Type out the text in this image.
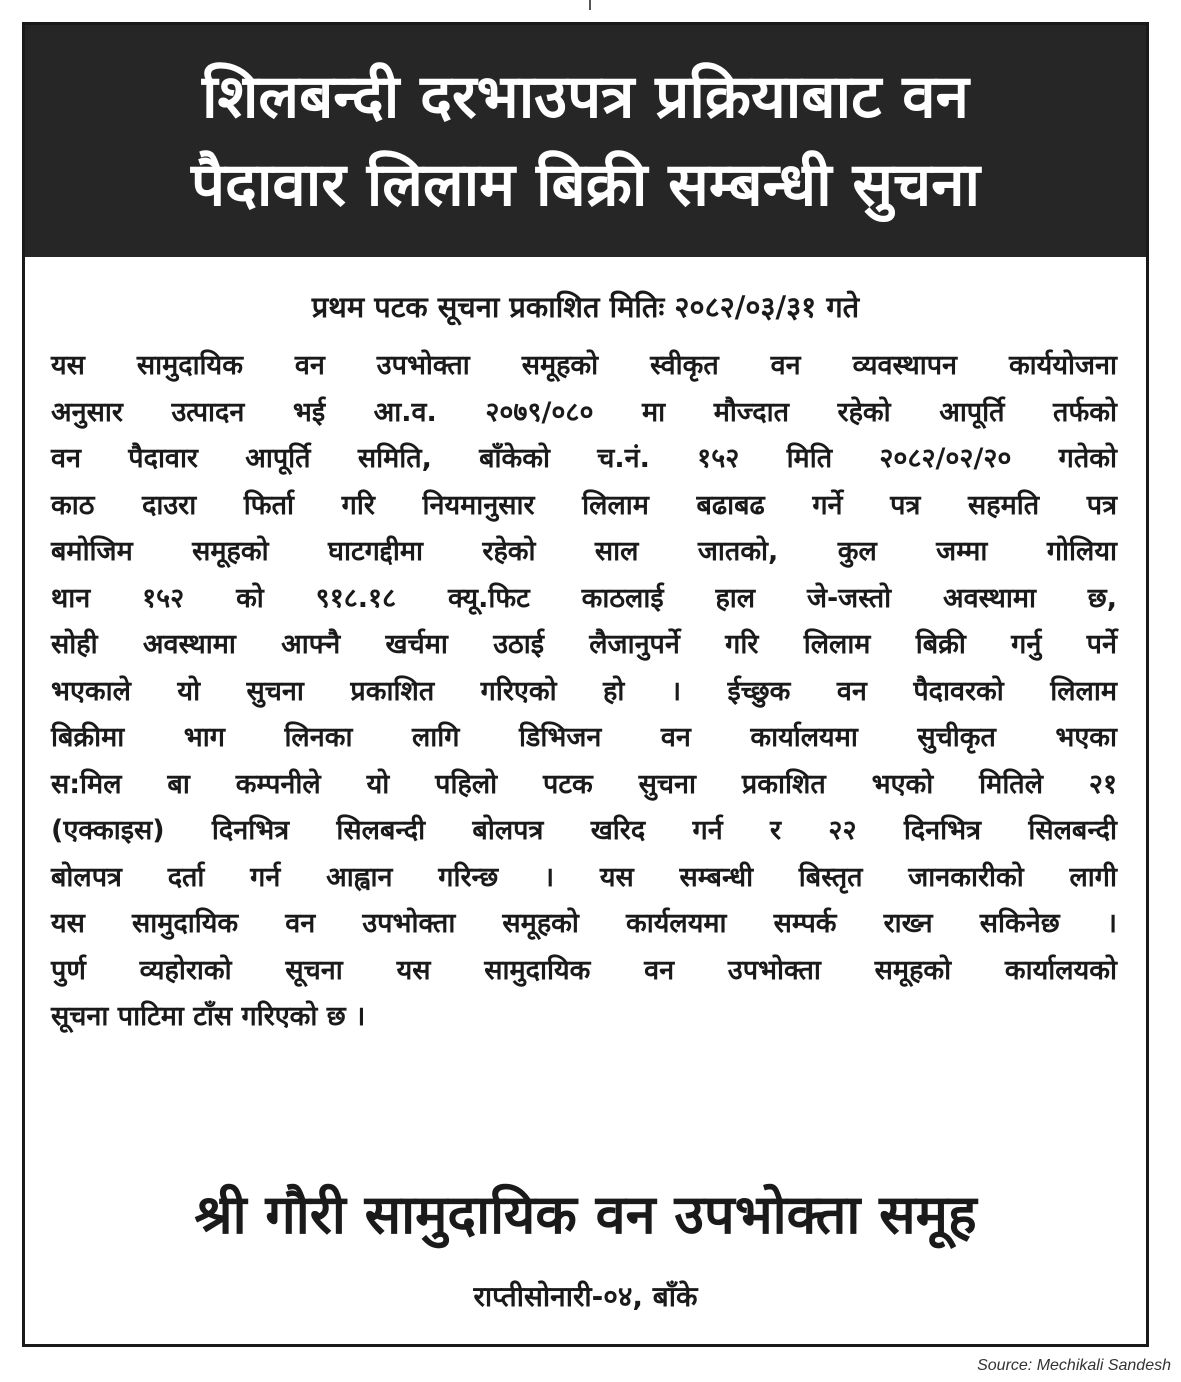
शिलबन्दी दरभाउपत्र प्रक्रियाबाट वन
पैदावार लिलाम बिक्री सम्बन्धी सुचना
प्रथम पटक सूचना प्रकाशित मितिः २०८२/०३/३१ गते
यस सामुदायिक वन उपभोक्ता समूहको स्वीकृत वन व्यवस्थापन कार्ययोजना
अनुसार उत्पादन भई आ.व. २०७९/०८० मा मौज्दात रहेको आपूर्ति तर्फको
वन पैदावार आपूर्ति समिति, बाँकेको च.नं. १५२ मिति २०८२/०२/२० गतेको
काठ दाउरा फिर्ता गरि नियमानुसार लिलाम बढाबढ गर्ने पत्र सहमति पत्र
बमोजिम समूहको घाटगद्दीमा रहेको साल जातको, कुल जम्मा गोलिया
थान १५२ को ९१८.१८ क्यू.फिट काठलाई हाल जे-जस्तो अवस्थामा छ,
सोही अवस्थामा आफ्नै खर्चमा उठाई लैजानुपर्ने गरि लिलाम बिक्री गर्नु पर्ने
भएकाले यो सुचना प्रकाशित गरिएको हो । ईच्छुक वन पैदावरको लिलाम
बिक्रीमा भाग लिनका लागि डिभिजन वन कार्यालयमा सुचीकृत भएका
स:मिल बा कम्पनीले यो पहिलो पटक सुचना प्रकाशित भएको मितिले २१
(एक्काइस) दिनभित्र सिलबन्दी बोलपत्र खरिद गर्न र २२ दिनभित्र सिलबन्दी
बोलपत्र दर्ता गर्न आह्वान गरिन्छ । यस सम्बन्धी बिस्तृत जानकारीको लागी
यस सामुदायिक वन उपभोक्ता समूहको कार्यलयमा सम्पर्क राख्न सकिनेछ ।
पुर्ण व्यहोराको सूचना यस सामुदायिक वन उपभोक्ता समूहको कार्यालयको
सूचना पाटिमा टाँस गरिएको छ ।
श्री गौरी सामुदायिक वन उपभोक्ता समूह
राप्तीसोनारी-०४, बाँके
Source: Mechikali Sandesh
